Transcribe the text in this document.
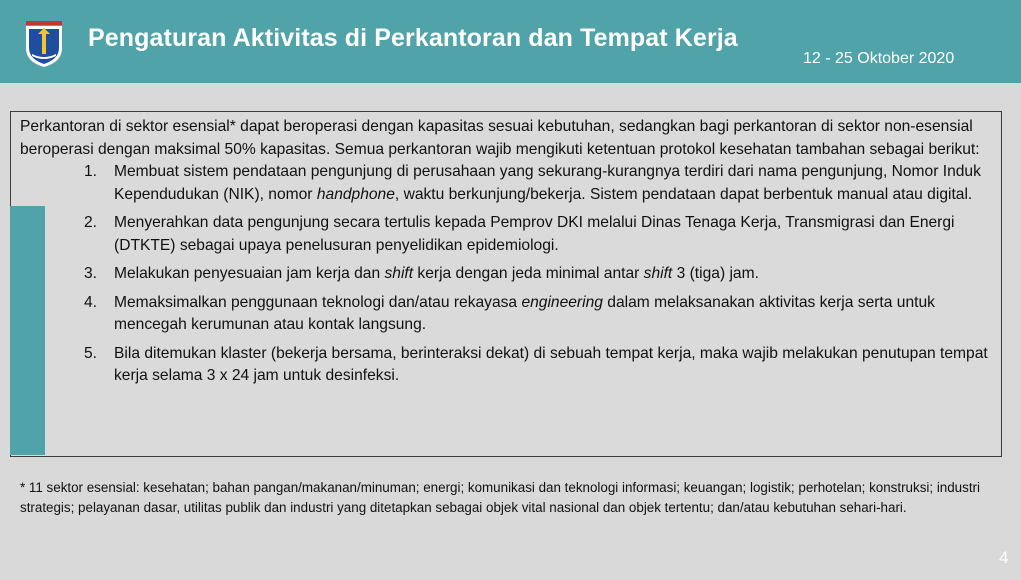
Pengaturan Aktivitas di Perkantoran dan Tempat Kerja
12 - 25 Oktober 2020

Perkantoran di sektor esensial* dapat beroperasi dengan kapasitas sesuai kebutuhan, sedangkan bagi perkantoran di sektor non-esensial beroperasi dengan maksimal 50% kapasitas. Semua perkantoran wajib mengikuti ketentuan protokol kesehatan tambahan sebagai berikut:

1. Membuat sistem pendataan pengunjung di perusahaan yang sekurang-kurangnya terdiri dari nama pengunjung, Nomor Induk Kependudukan (NIK), nomor handphone, waktu berkunjung/bekerja. Sistem pendataan dapat berbentuk manual atau digital.
2. Menyerahkan data pengunjung secara tertulis kepada Pemprov DKI melalui Dinas Tenaga Kerja, Transmigrasi dan Energi (DTKTE) sebagai upaya penelusuran penyelidikan epidemiologi.
3. Melakukan penyesuaian jam kerja dan shift kerja dengan jeda minimal antar shift 3 (tiga) jam.
4. Memaksimalkan penggunaan teknologi dan/atau rekayasa engineering dalam melaksanakan aktivitas kerja serta untuk mencegah kerumunan atau kontak langsung.
5. Bila ditemukan klaster (bekerja bersama, berinteraksi dekat) di sebuah tempat kerja, maka wajib melakukan penutupan tempat kerja selama 3 x 24 jam untuk desinfeksi.
* 11 sektor esensial: kesehatan; bahan pangan/makanan/minuman; energi; komunikasi dan teknologi informasi; keuangan; logistik; perhotelan; konstruksi; industri strategis; pelayanan dasar, utilitas publik dan industri yang ditetapkan sebagai objek vital nasional dan objek tertentu; dan/atau kebutuhan sehari-hari.
4
